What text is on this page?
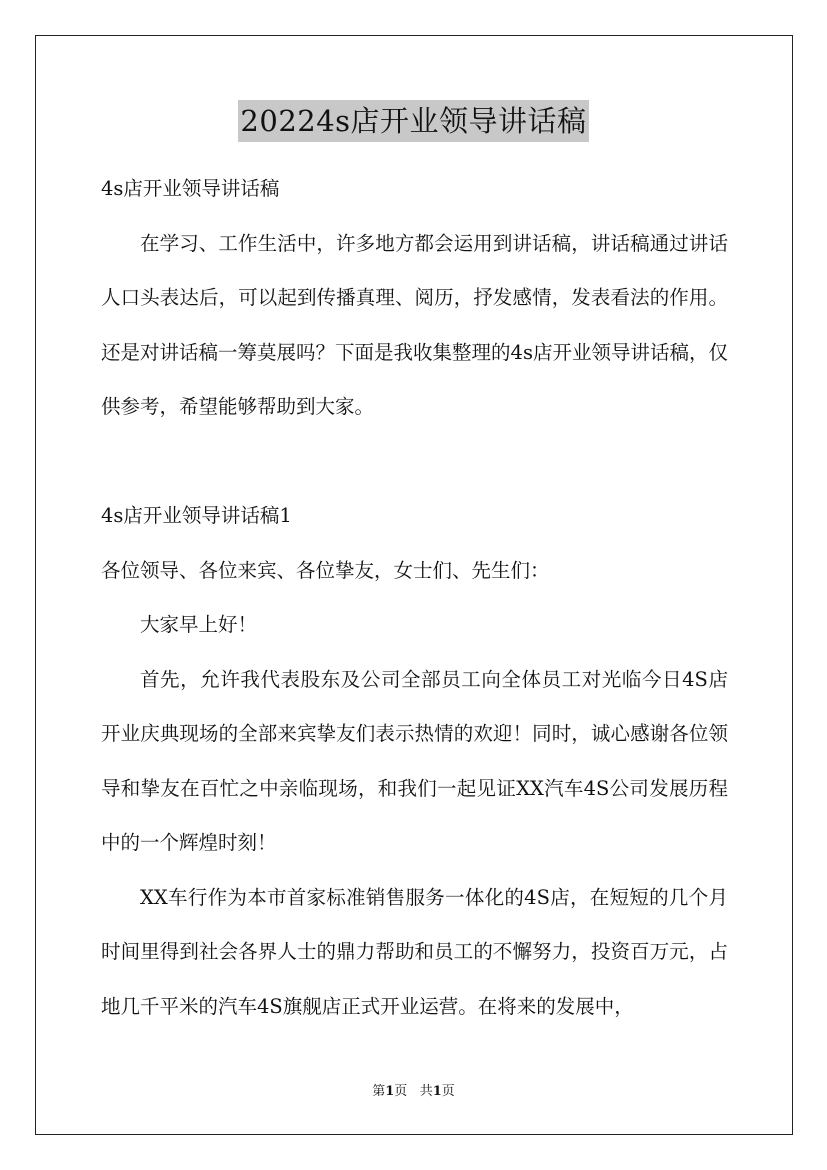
20224s店开业领导讲话稿

4s店开业领导讲话稿

在学习、工作生活中，许多地方都会运用到讲话稿，讲话稿通过讲话人口头表达后，可以起到传播真理、阅历，抒发感情，发表看法的作用。还是对讲话稿一筹莫展吗？下面是我收集整理的4s店开业领导讲话稿，仅供参考，希望能够帮助到大家。

4s店开业领导讲话稿1

各位领导、各位来宾、各位挚友，女士们、先生们：

大家早上好！

首先，允许我代表股东及公司全部员工向全体员工对光临今日4S店开业庆典现场的全部来宾挚友们表示热情的欢迎！同时，诚心感谢各位领导和挚友在百忙之中亲临现场，和我们一起见证XX汽车4S公司发展历程中的一个辉煌时刻！

XX车行作为本市首家标准销售服务一体化的4S店，在短短的几个月时间里得到社会各界人士的鼎力帮助和员工的不懈努力，投资百万元，占地几千平米的汽车4S旗舰店正式开业运营。在将来的发展中，

第1页 共1页
